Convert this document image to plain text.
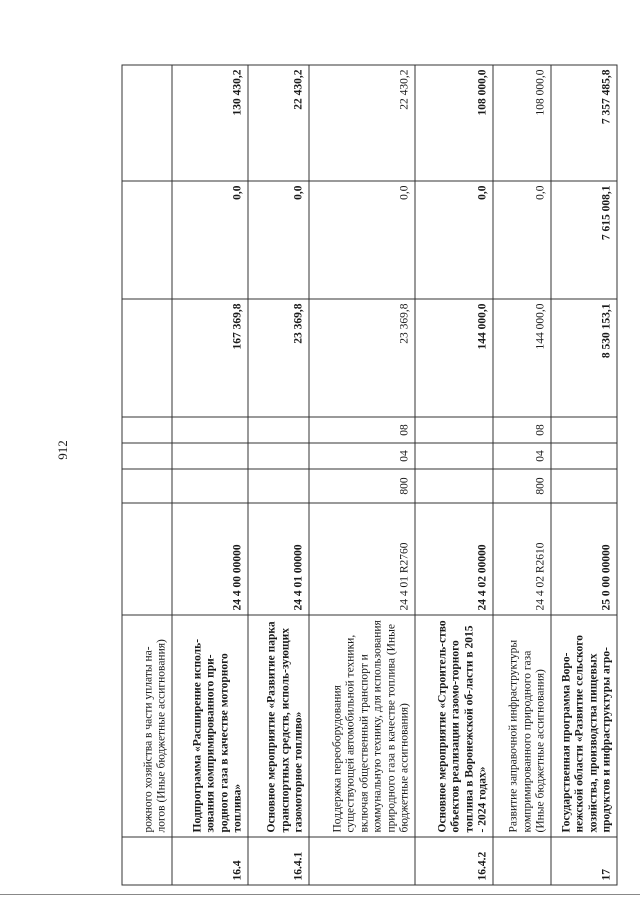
912
	рожного хозяйства в части уплаты на-логов (Иные бюджетные ассигнования)							
16.4	Подпрограмма «Расширение исполь-зования компримированного при-родного газа в качестве моторного топлива»	24 4 00 00000				167 369,8	0,0	130 430,2
16.4.1	Основное мероприятие «Развитие парка транспортных средств, исполь-зующих газомоторное топливо»	24 4 01 00000				23 369,8	0,0	22 430,2
	Поддержка переоборудования существующей автомобильной техники, включая общественный транспорт и коммунальную технику, для использования природного газа в качестве топлива (Иные бюджетные ассигнования)	24 4 01 R2760	800	04	08	23 369,8	0,0	22 430,2
16.4.2	Основное мероприятие «Строитель-ство объектов реализации газомо-торного топлива в Воронежской об-ласти в 2015 - 2024 годах»	24 4 02 00000				144 000,0	0,0	108 000,0
	Развитие заправочной инфраструктуры компримированного природного газа (Иные бюджетные ассигнования)	24 4 02 R2610	800	04	08	144 000,0	0,0	108 000,0
17	Государственная программа Воро-нежской области «Развитие сельского хозяйства, производства пищевых продуктов и инфраструктуры агро-	25 0 00 00000				8 530 153,1	7 615 008,1	7 357 485,8
